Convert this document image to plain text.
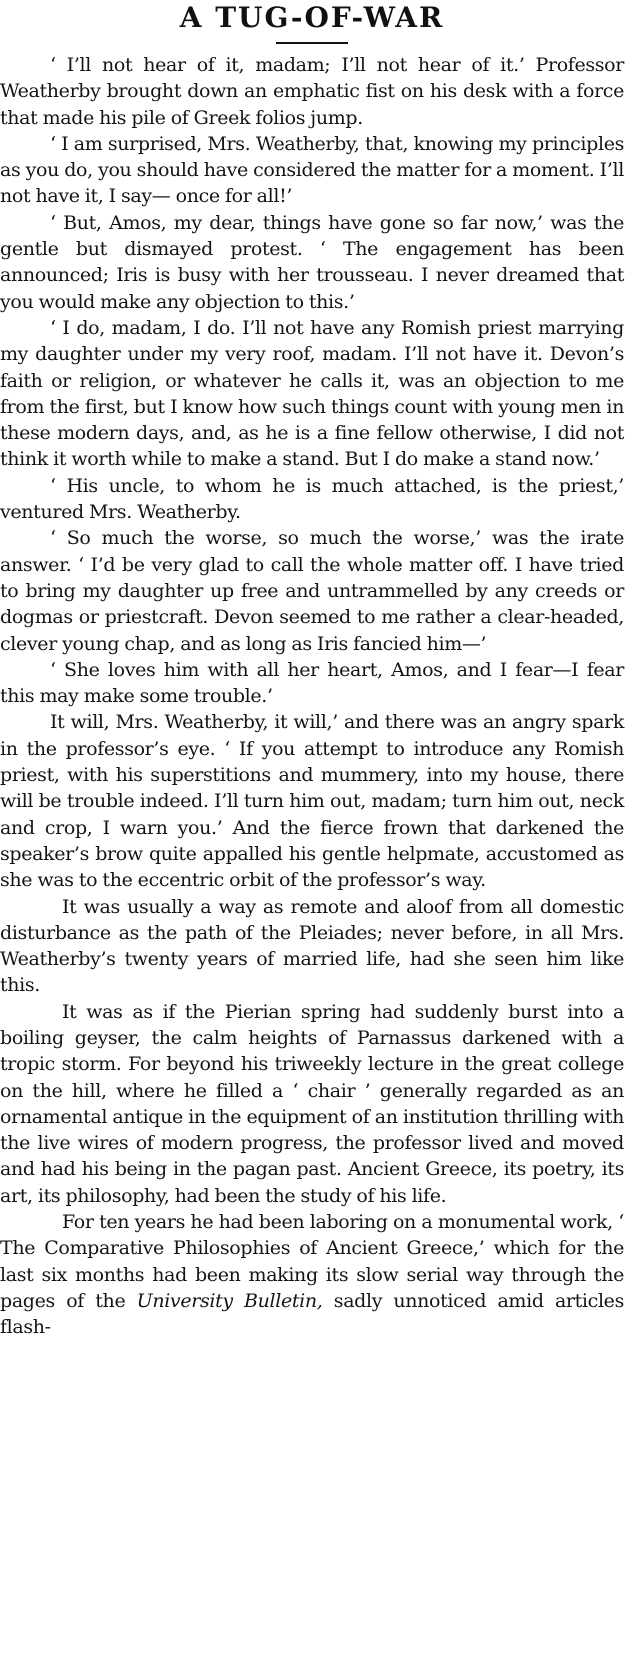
A TUG-OF-WAR

‘ I’ll not hear of it, madam; I’ll not hear of it.’ Professor Weatherby brought down an emphatic fist on his desk with a force that made his pile of Greek folios jump.

‘ I am surprised, Mrs. Weatherby, that, knowing my principles as you do, you should have considered the matter for a moment. I’ll not have it, I say— once for all!’

‘ But, Amos, my dear, things have gone so far now,’ was the gentle but dismayed protest. ‘ The engagement has been announced; Iris is busy with her trousseau. I never dreamed that you would make any objection to this.’

‘ I do, madam, I do. I’ll not have any Romish priest marrying my daughter under my very roof, madam. I’ll not have it. Devon’s faith or religion, or whatever he calls it, was an objection to me from the first, but I know how such things count with young men in these modern days, and, as he is a fine fellow otherwise, I did not think it worth while to make a stand. But I do make a stand now.’

‘ His uncle, to whom he is much attached, is the priest,’ ventured Mrs. Weatherby.

‘ So much the worse, so much the worse,’ was the irate answer. ‘ I’d be very glad to call the whole matter off. I have tried to bring my daughter up free and untrammelled by any creeds or dogmas or priestcraft. Devon seemed to me rather a clear-headed, clever young chap, and as long as Iris fancied him—’

‘ She loves him with all her heart, Amos, and I fear—I fear this may make some trouble.’

It will, Mrs. Weatherby, it will,’ and there was an angry spark in the professor’s eye. ‘ If you attempt to introduce any Romish priest, with his superstitions and mummery, into my house, there will be trouble indeed. I’ll turn him out, madam; turn him out, neck and crop, I warn you.’ And the fierce frown that darkened the speaker’s brow quite appalled his gentle helpmate, accustomed as she was to the eccentric orbit of the professor’s way.

It was usually a way as remote and aloof from all domestic disturbance as the path of the Pleiades; never before, in all Mrs. Weatherby’s twenty years of married life, had she seen him like this.

It was as if the Pierian spring had suddenly burst into a boiling geyser, the calm heights of Parnassus darkened with a tropic storm. For beyond his triweekly lecture in the great college on the hill, where he filled a ‘ chair ’ generally regarded as an ornamental antique in the equipment of an institution thrilling with the live wires of modern progress, the professor lived and moved and had his being in the pagan past. Ancient Greece, its poetry, its art, its philosophy, had been the study of his life.

For ten years he had been laboring on a monumental work, ‘ The Comparative Philosophies of Ancient Greece,’ which for the last six months had been making its slow serial way through the pages of the University Bulletin, sadly unnoticed amid articles flash-
